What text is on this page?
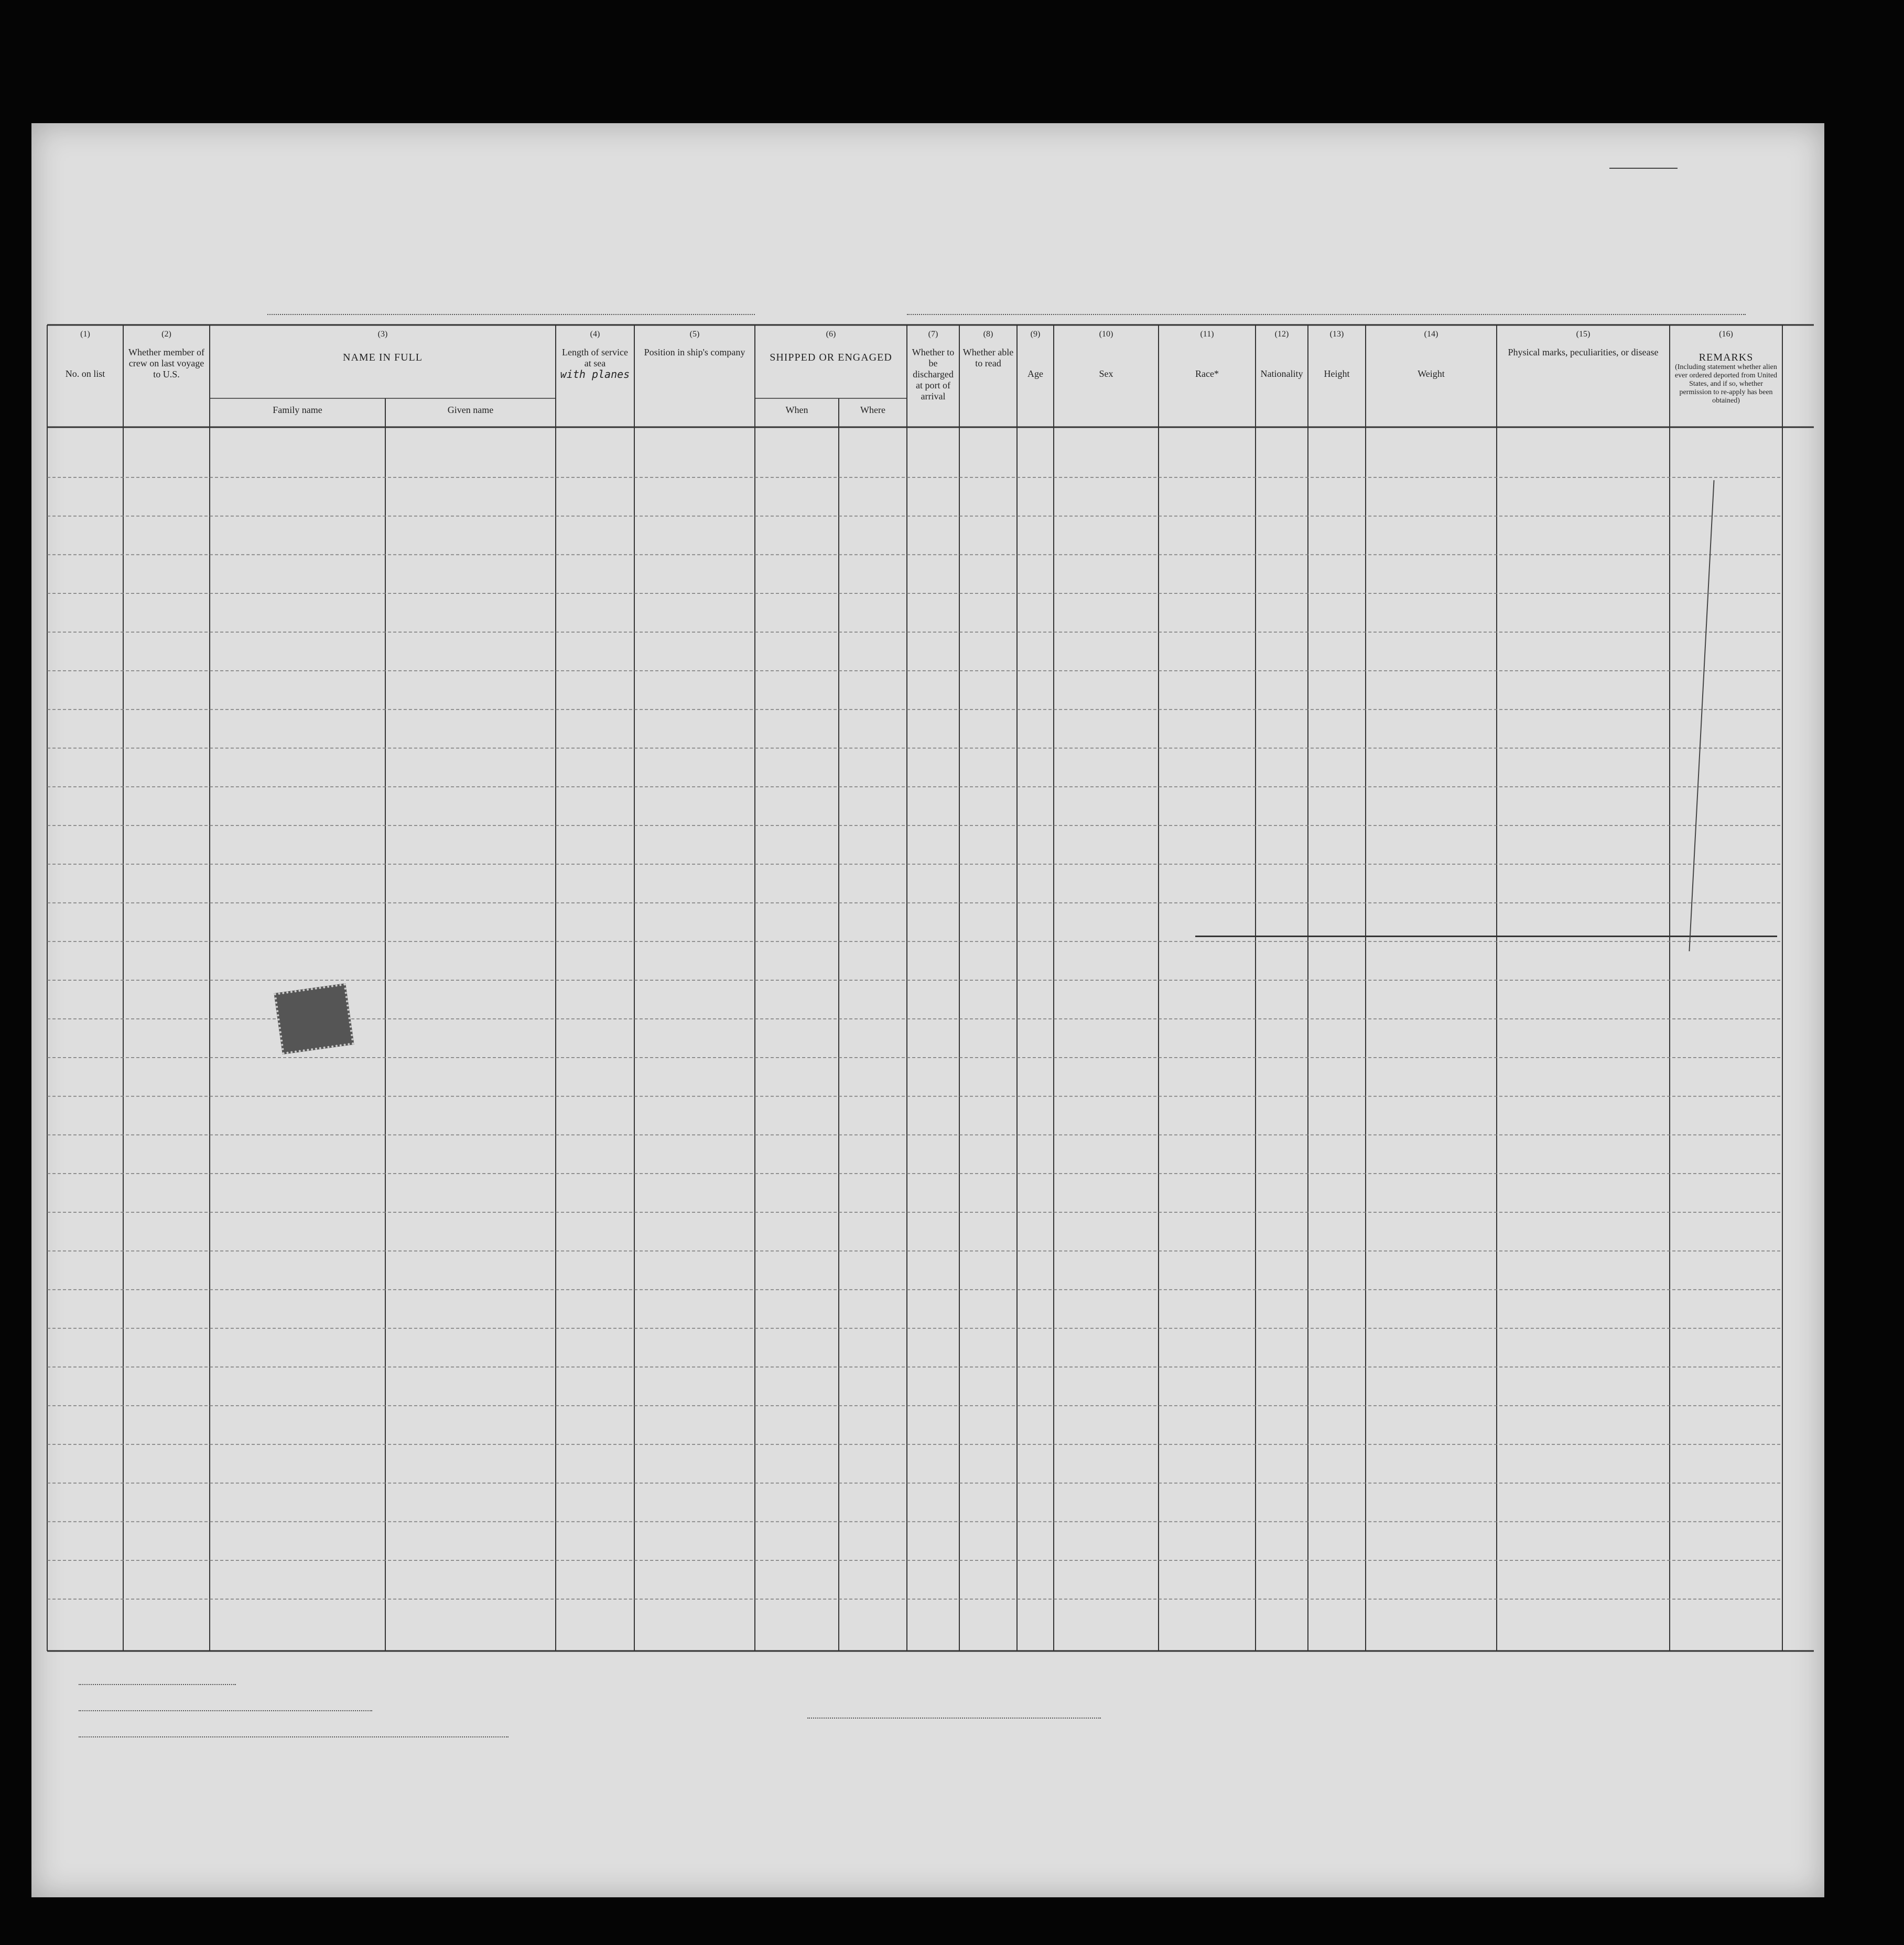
(1)
No. on list
(2)
Whether member of crew on last voyage to U.S.
(3)
NAME IN FULL
Family name	Given name
(4)
Length of service at sea
with planes
(5)
Position in ship's company
(6)
SHIPPED OR ENGAGED
When	Where
(7)
Whether to be discharged at port of arrival
(8)
Whether able to read
(9)
Age
(10)
Sex
(11)
Race*
(12)
Nationality
(13)
Height
(14)
Weight
(15)
Physical marks, peculiarities, or disease
(16)
REMARKS
(Including statement whether alien ever ordered deported from United States, and if so, whether permission to re-apply has been obtained)
